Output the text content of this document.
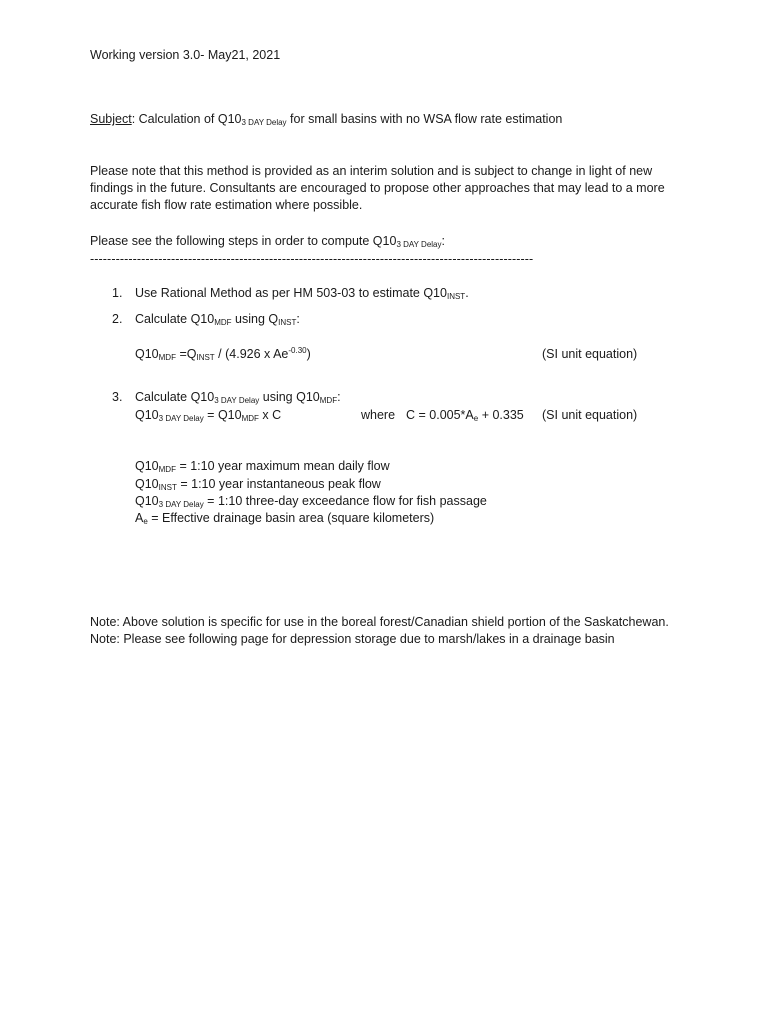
Working version 3.0- May21, 2021
Subject: Calculation of $Q10_{3 DAY Delay}$ for small basins with no WSA flow rate estimation
Please note that this method is provided as an interim solution and is subject to change in light of new findings in the future. Consultants are encouraged to propose other approaches that may lead to a more accurate fish flow rate estimation where possible.
Please see the following steps in order to compute $Q10_{3 DAY Delay}$:
--------------------------------------------------------------------------------------------------------
1. Use Rational Method as per HM 503-03 to estimate $Q10_{INST}$.
2. Calculate $Q10_{MDF}$ using $Q_{INST}$:
$Q10_{MDF} =Q_{INST} / (4.926$ x $Ae^{-0.30}$)	(SI unit equation)
3. Calculate $Q10_{3 DAY Delay}$ using $Q10_{MDF}$:
$Q10_{3 DAY Delay} = Q10_{MDF}$ x C	where $C = 0.005*A_e + 0.335$ (SI unit equation)
$Q10_{MDF}$ = 1:10 year maximum mean daily flow
$Q10_{INST}$ = 1:10 year instantaneous peak flow
$Q10_{3 DAY Delay}$ = 1:10 three-day exceedance flow for fish passage
$A_e$ = Effective drainage basin area (square kilometers)
Note: Above solution is specific for use in the boreal forest/Canadian shield portion of the Saskatchewan.
Note: Please see following page for depression storage due to marsh/lakes in a drainage basin
